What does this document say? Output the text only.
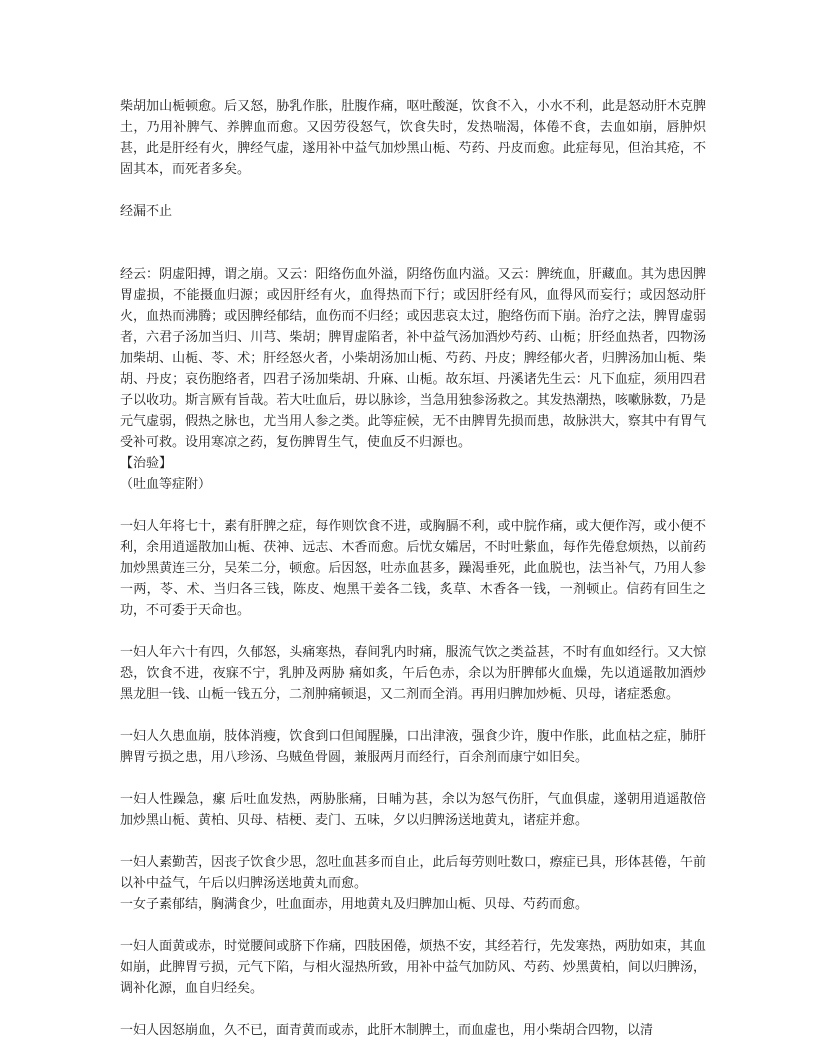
柴胡加山栀顿愈。后又怒，胁乳作胀，肚腹作痛，呕吐酸涎，饮食不入，小水不利，此是怒动肝木克脾土，乃用补脾气、养脾血而愈。又因劳役怒气，饮食失时，发热喘渴，体倦不食，去血如崩，唇肿炽甚，此是肝经有火，脾经气虚，遂用补中益气加炒黑山栀、芍药、丹皮而愈。此症每见，但治其疮，不固其本，而死者多矣。

经漏不止

经云：阴虚阳搏，谓之崩。又云：阳络伤血外溢，阴络伤血内溢。又云：脾统血，肝藏血。其为患因脾胃虚损，不能摄血归源；或因肝经有火，血得热而下行；或因肝经有风，血得风而妄行；或因怒动肝火，血热而沸腾；或因脾经郁结，血伤而不归经；或因悲哀太过，胞络伤而下崩。治疗之法，脾胃虚弱者，六君子汤加当归、川芎、柴胡；脾胃虚陷者，补中益气汤加酒炒芍药、山栀；肝经血热者，四物汤加柴胡、山栀、苓、术；肝经怒火者，小柴胡汤加山栀、芍药、丹皮；脾经郁火者，归脾汤加山栀、柴胡、丹皮；哀伤胞络者，四君子汤加柴胡、升麻、山栀。故东垣、丹溪诸先生云：凡下血症，须用四君子以收功。斯言厥有旨哉。若大吐血后，毋以脉诊，当急用独参汤救之。其发热潮热，咳嗽脉数，乃是元气虚弱，假热之脉也，尤当用人参之类。此等症候，无不由脾胃先损而患，故脉洪大，察其中有胃气受补可救。设用寒凉之药，复伤脾胃生气，使血反不归源也。

【治验】

（吐血等症附）

一妇人年将七十，素有肝脾之症，每作则饮食不进，或胸膈不利，或中脘作痛，或大便作泻，或小便不利，余用逍遥散加山栀、茯神、远志、木香而愈。后忧女孀居，不时吐紫血，每作先倦怠烦热，以前药加炒黑黄连三分，吴茱二分，顿愈。后因怒，吐赤血甚多，躁渴垂死，此血脱也，法当补气，乃用人参一两，苓、术、当归各三钱，陈皮、炮黑干姜各二钱，炙草、木香各一钱，一剂顿止。信药有回生之功，不可委于天命也。

一妇人年六十有四，久郁怒，头痛寒热，春间乳内时痛，服流气饮之类益甚，不时有血如经行。又大惊恐，饮食不进，夜寐不宁，乳肿及两胁 痛如炙，午后色赤，余以为肝脾郁火血燥，先以逍遥散加酒炒黑龙胆一钱、山栀一钱五分，二剂肿痛顿退，又二剂而全消。再用归脾加炒栀、贝母，诸症悉愈。

一妇人久患血崩，肢体消瘦，饮食到口但闻腥臊，口出津液，强食少许，腹中作胀，此血枯之症，肺肝脾胃亏损之患，用八珍汤、乌贼鱼骨圆，兼服两月而经行，百余剂而康宁如旧矣。

一妇人性躁急，瘰 后吐血发热，两胁胀痛，日晡为甚，余以为怒气伤肝，气血俱虚，遂朝用逍遥散倍加炒黑山栀、黄柏、贝母、桔梗、麦门、五味，夕以归脾汤送地黄丸，诸症并愈。

一妇人素勤苦，因丧子饮食少思，忽吐血甚多而自止，此后每劳则吐数口，瘵症已具，形体甚倦，午前以补中益气，午后以归脾汤送地黄丸而愈。

一女子素郁结，胸满食少，吐血面赤，用地黄丸及归脾加山栀、贝母、芍药而愈。

一妇人面黄或赤，时觉腰间或脐下作痛，四肢困倦，烦热不安，其经若行，先发寒热，两肋如束，其血如崩，此脾胃亏损，元气下陷，与相火湿热所致，用补中益气加防风、芍药、炒黑黄柏，间以归脾汤，调补化源，血自归经矣。

一妇人因怒崩血，久不已，面青黄而或赤，此肝木制脾土，而血虚也，用小柴胡合四物，以清
